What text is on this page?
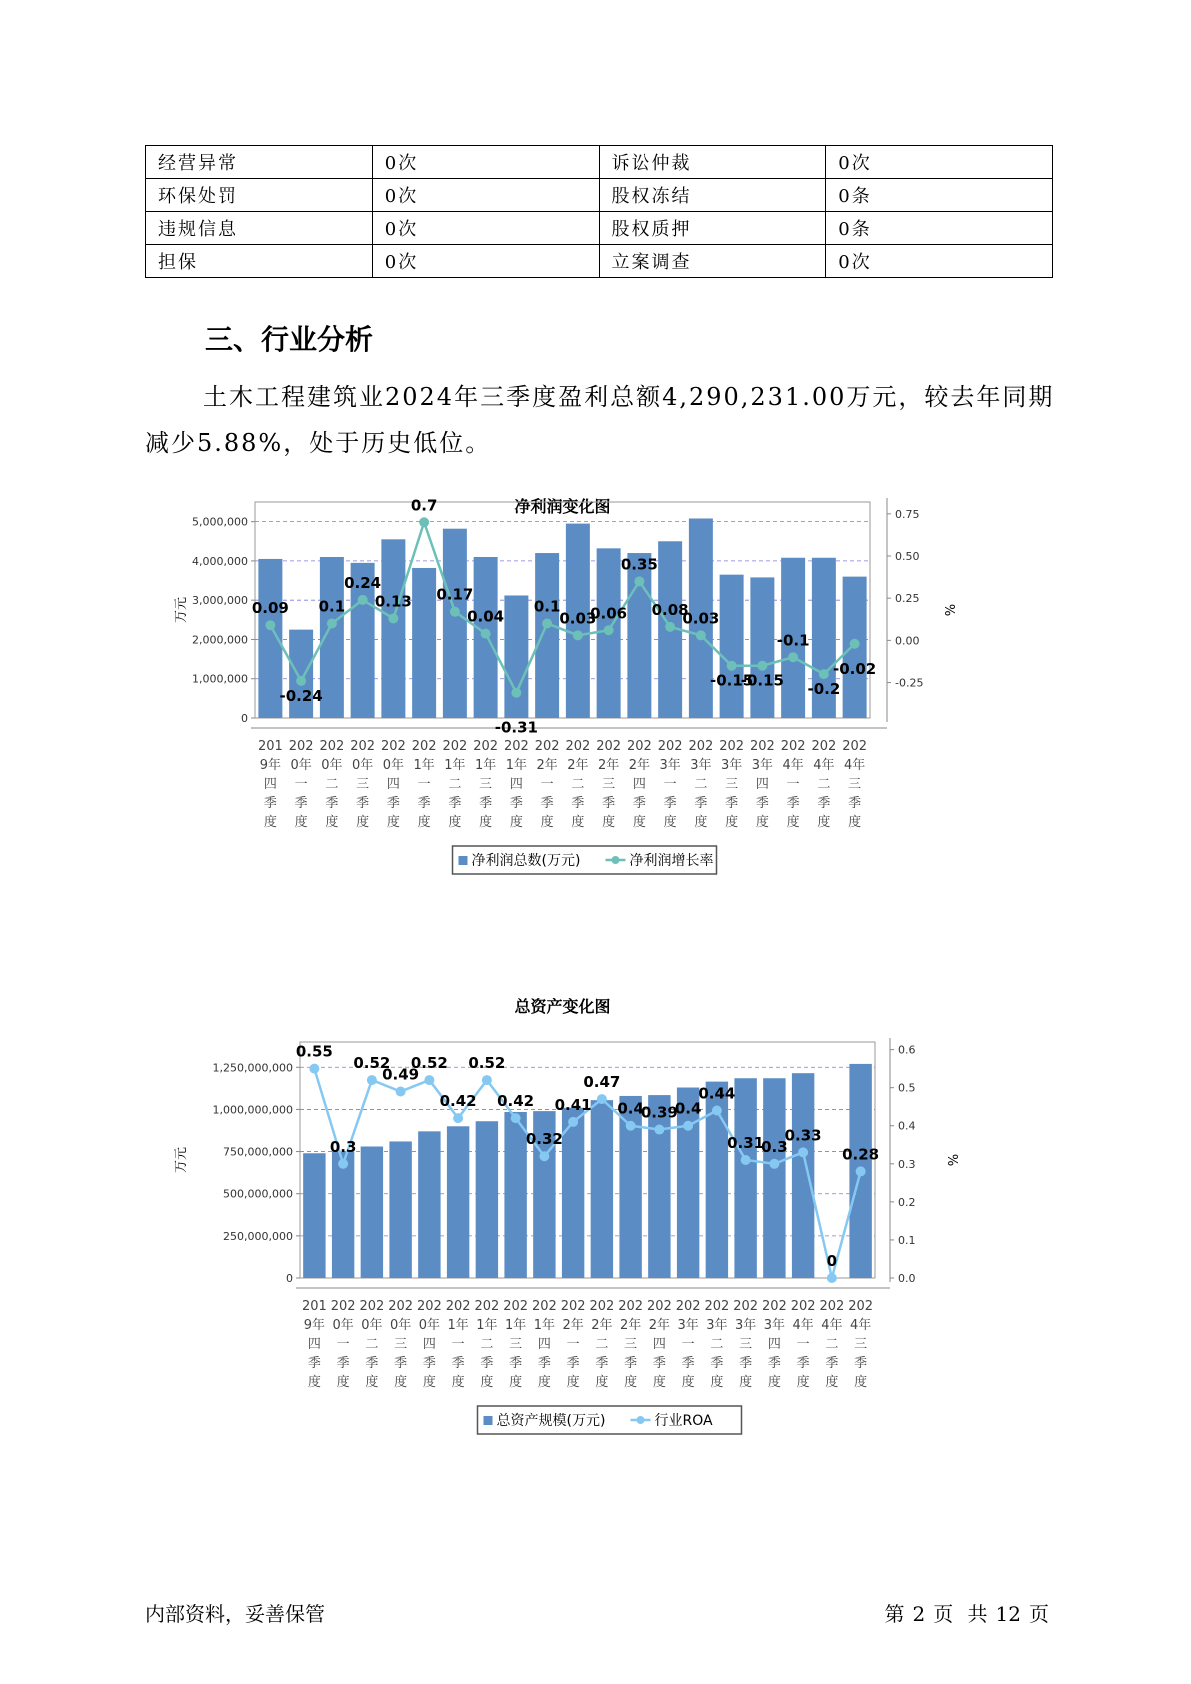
经营异常	0次	诉讼仲裁	0次
环保处罚	0次	股权冻结	0条
违规信息	0次	股权质押	0条
担保	0次	立案调查	0次
三、行业分析

土木工程建筑业2024年三季度盈利总额4,290,231.00万元，较去年同期减少5.88%，处于历史低位。

净利润变化图
0
1,000,000
2,000,000
3,000,000
4,000,000
5,000,000
-0.25
0.00
0.25
0.50
0.75
万元	%
201 9年四季度
202 0年一季度
202 0年二季度
202 0年三季度
202 0年四季度
202 1年一季度
202 1年二季度
202 1年三季度
202 1年四季度
202 2年一季度
202 2年二季度
202 2年三季度
202 2年四季度
202 3年一季度
202 3年二季度
202 3年三季度
202 3年四季度
202 4年一季度
202 4年二季度
202 4年三季度
0.09
-0.24
0.1
0.24
0.13
0.7
0.17
0.04
-0.31
0.1
0.03
0.06
0.35
0.08
0.03
-0.15
-0.15
-0.1
-0.2
-0.02
净利润总数(万元)	净利润增长率
总资产变化图
0
250,000,000
500,000,000
750,000,000
1,000,000,000
1,250,000,000
0.0
0.1
0.2
0.3
0.4
0.5
0.6
万元	%
201 9年四季度
202 0年一季度
202 0年二季度
202 0年三季度
202 0年四季度
202 1年一季度
202 1年二季度
202 1年三季度
202 1年四季度
202 2年一季度
202 2年二季度
202 2年三季度
202 2年四季度
202 3年一季度
202 3年二季度
202 3年三季度
202 3年四季度
202 4年一季度
202 4年二季度
202 4年三季度
0.55
0.3
0.52
0.49
0.52
0.42
0.52
0.42
0.32
0.41
0.47
0.4
0.39
0.4
0.44
0.31
0.3
0.33
0
0.28
总资产规模(万元)	行业ROA
内部资料，妥善保管	第 2 页 共 12 页
